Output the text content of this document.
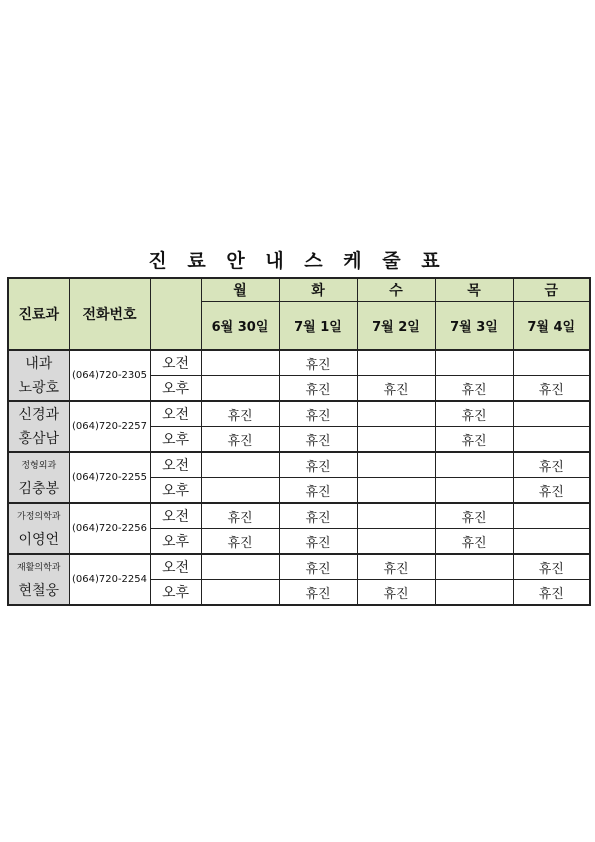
진 료 안 내 스 케 줄 표
진료과	전화번호		월	화	수	목	금
			6월 30일	7월 1일	7월 2일	7월 3일	7월 4일

내과
노광호	(064)720-2305	오전		휴진			
		오후		휴진	휴진	휴진	휴진

신경과
홍삼남	(064)720-2257	오전	휴진	휴진		휴진	
		오후	휴진	휴진		휴진	

정형외과
김충봉	(064)720-2255	오전		휴진			휴진
		오후		휴진			휴진

가정의학과
이영언	(064)720-2256	오전	휴진	휴진		휴진	
		오후	휴진	휴진		휴진	

재활의학과
현철웅	(064)720-2254	오전		휴진	휴진		휴진
		오후		휴진	휴진		휴진
